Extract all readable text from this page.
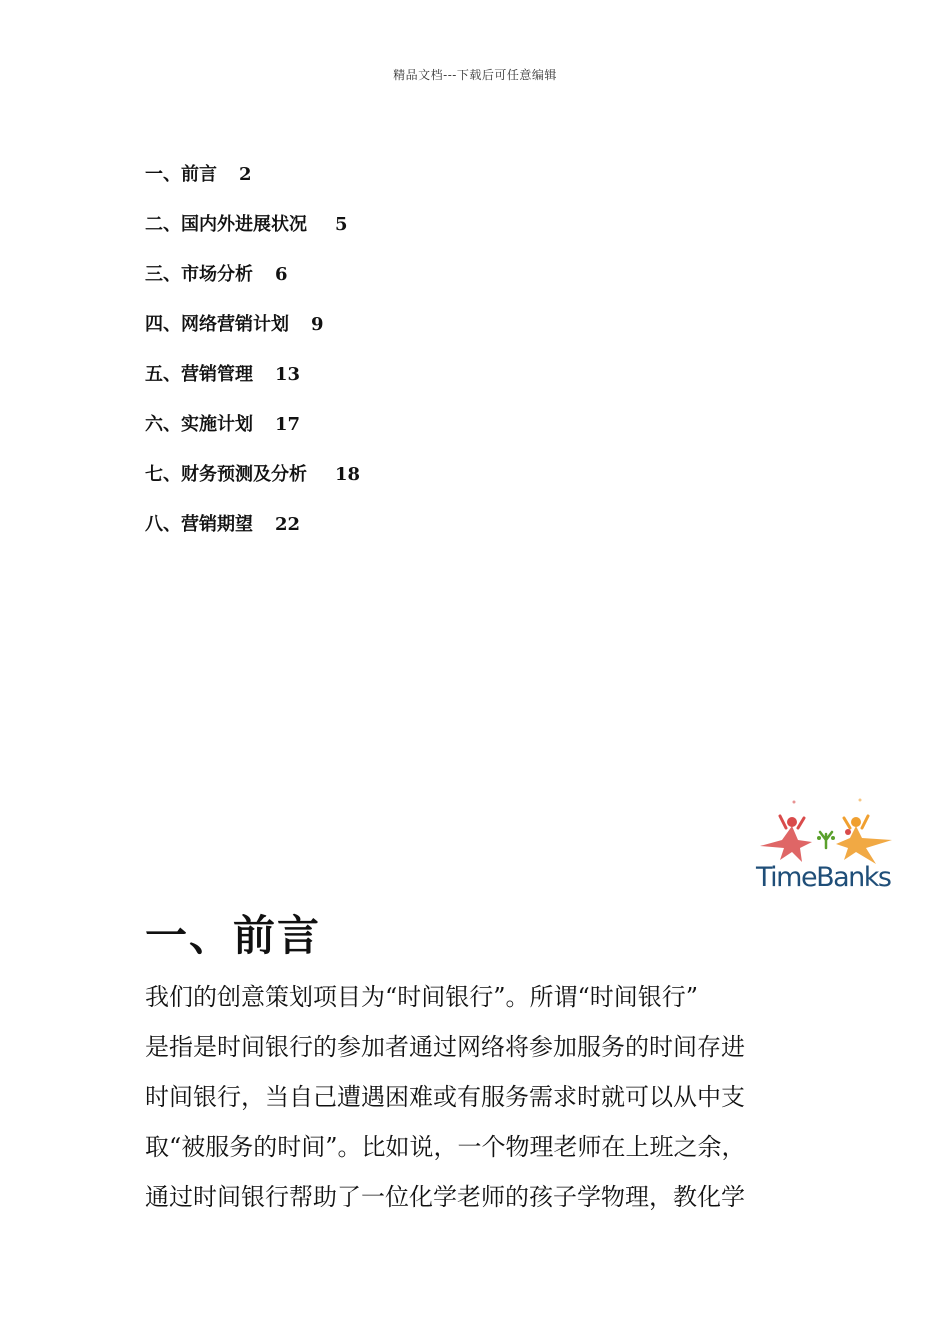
精品文档---下载后可任意编辑
一、前言 2
二、国内外进展状况 5
三、市场分析 6
四、网络营销计划 9
五、营销管理 13
六、实施计划 17
七、财务预测及分析 18
八、营销期望 22
TimeBanks
一、前言
我们的创意策划项目为“时间银行”。所谓“时间银行”
是指是时间银行的参加者通过网络将参加服务的时间存进
时间银行，当自己遭遇困难或有服务需求时就可以从中支
取“被服务的时间”。比如说，一个物理老师在上班之余，
通过时间银行帮助了一位化学老师的孩子学物理，教化学
